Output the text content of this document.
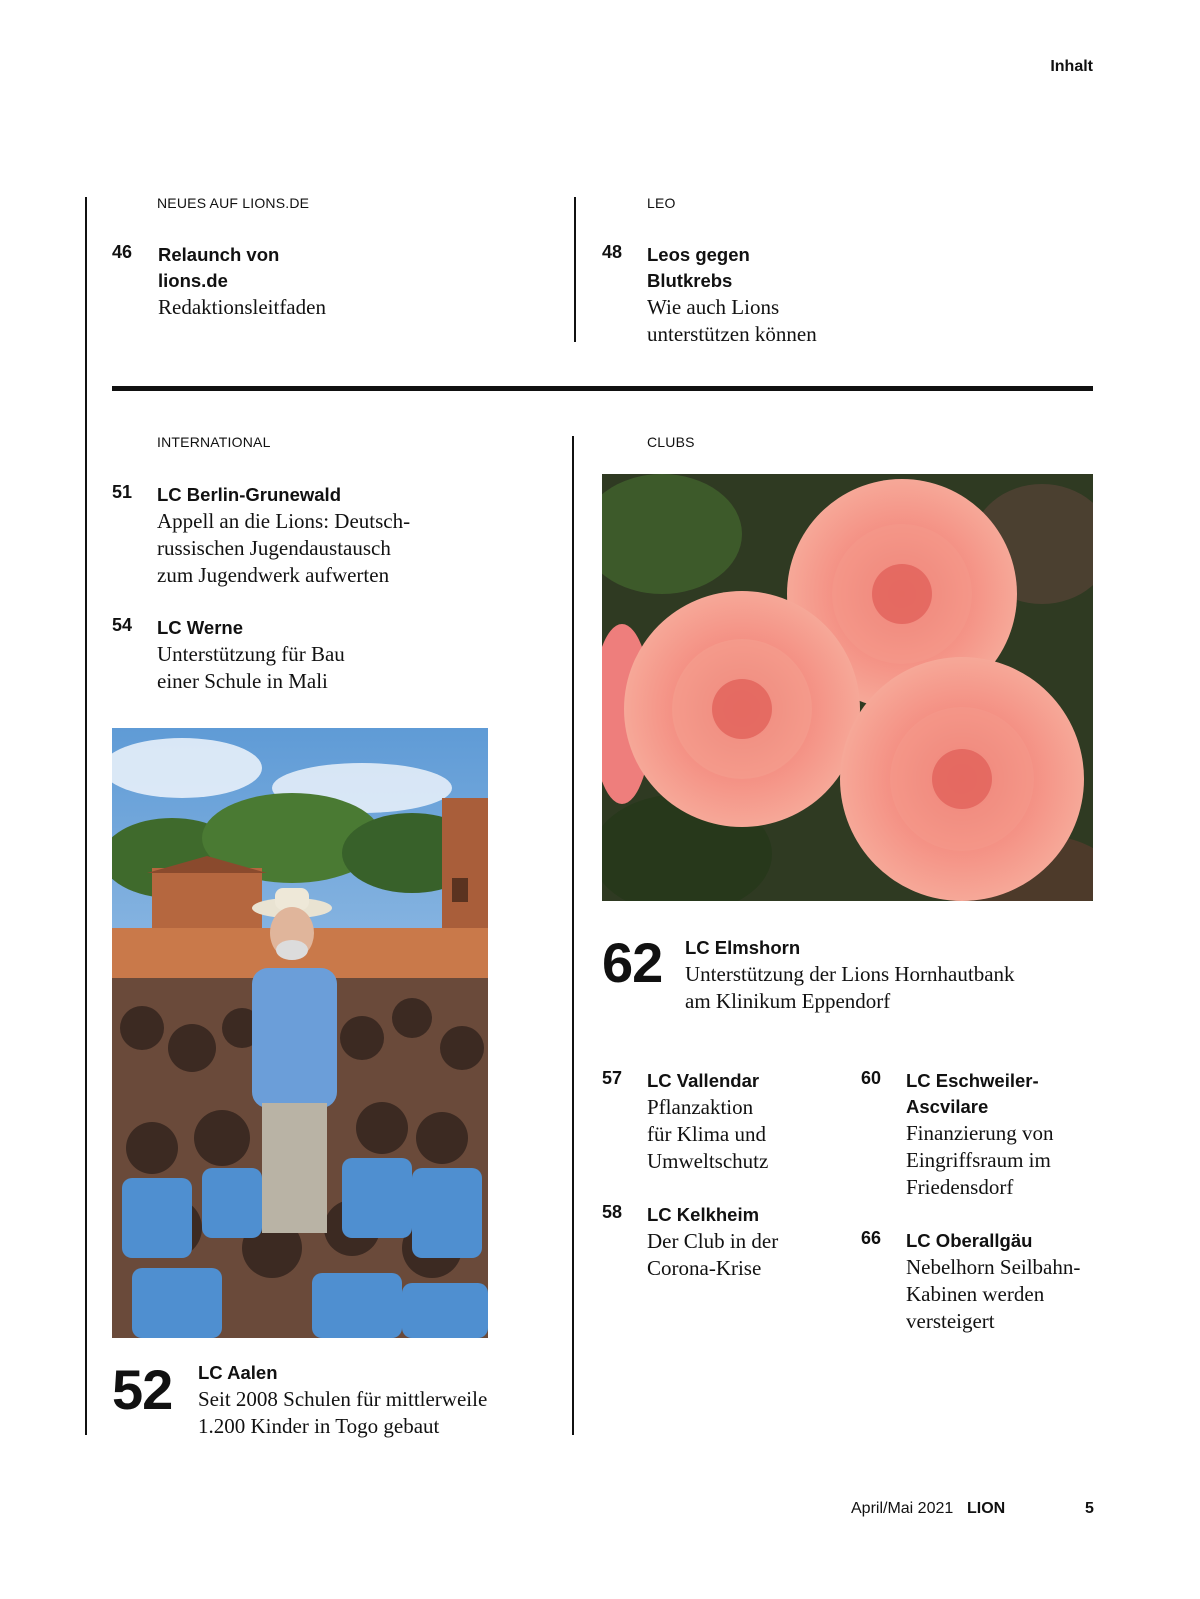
Inhalt
NEUES AUF LIONS.DE
46 Relaunch von
lions.de
Redaktionsleitfaden
LEO
48 Leos gegen
Blutkrebs
Wie auch Lions
unterstützen können
INTERNATIONAL
51 LC Berlin-Grunewald
Appell an die Lions: Deutsch-
russischen Jugendaustausch
zum Jugendwerk aufwerten
54 LC Werne
Unterstützung für Bau
einer Schule in Mali
52 LC Aalen
Seit 2008 Schulen für mittlerweile
1.200 Kinder in Togo gebaut
CLUBS
62 LC Elmshorn
Unterstützung der Lions Hornhautbank
am Klinikum Eppendorf
57 LC Vallendar
Pflanzaktion
für Klima und
Umweltschutz
58 LC Kelkheim
Der Club in der
Corona-Krise
60 LC Eschweiler-
Ascvilare
Finanzierung von
Eingriffsraum im
Friedensdorf
66 LC Oberallgäu
Nebelhorn Seilbahn-
Kabinen werden
versteigert
April/Mai 2021 LION	5
